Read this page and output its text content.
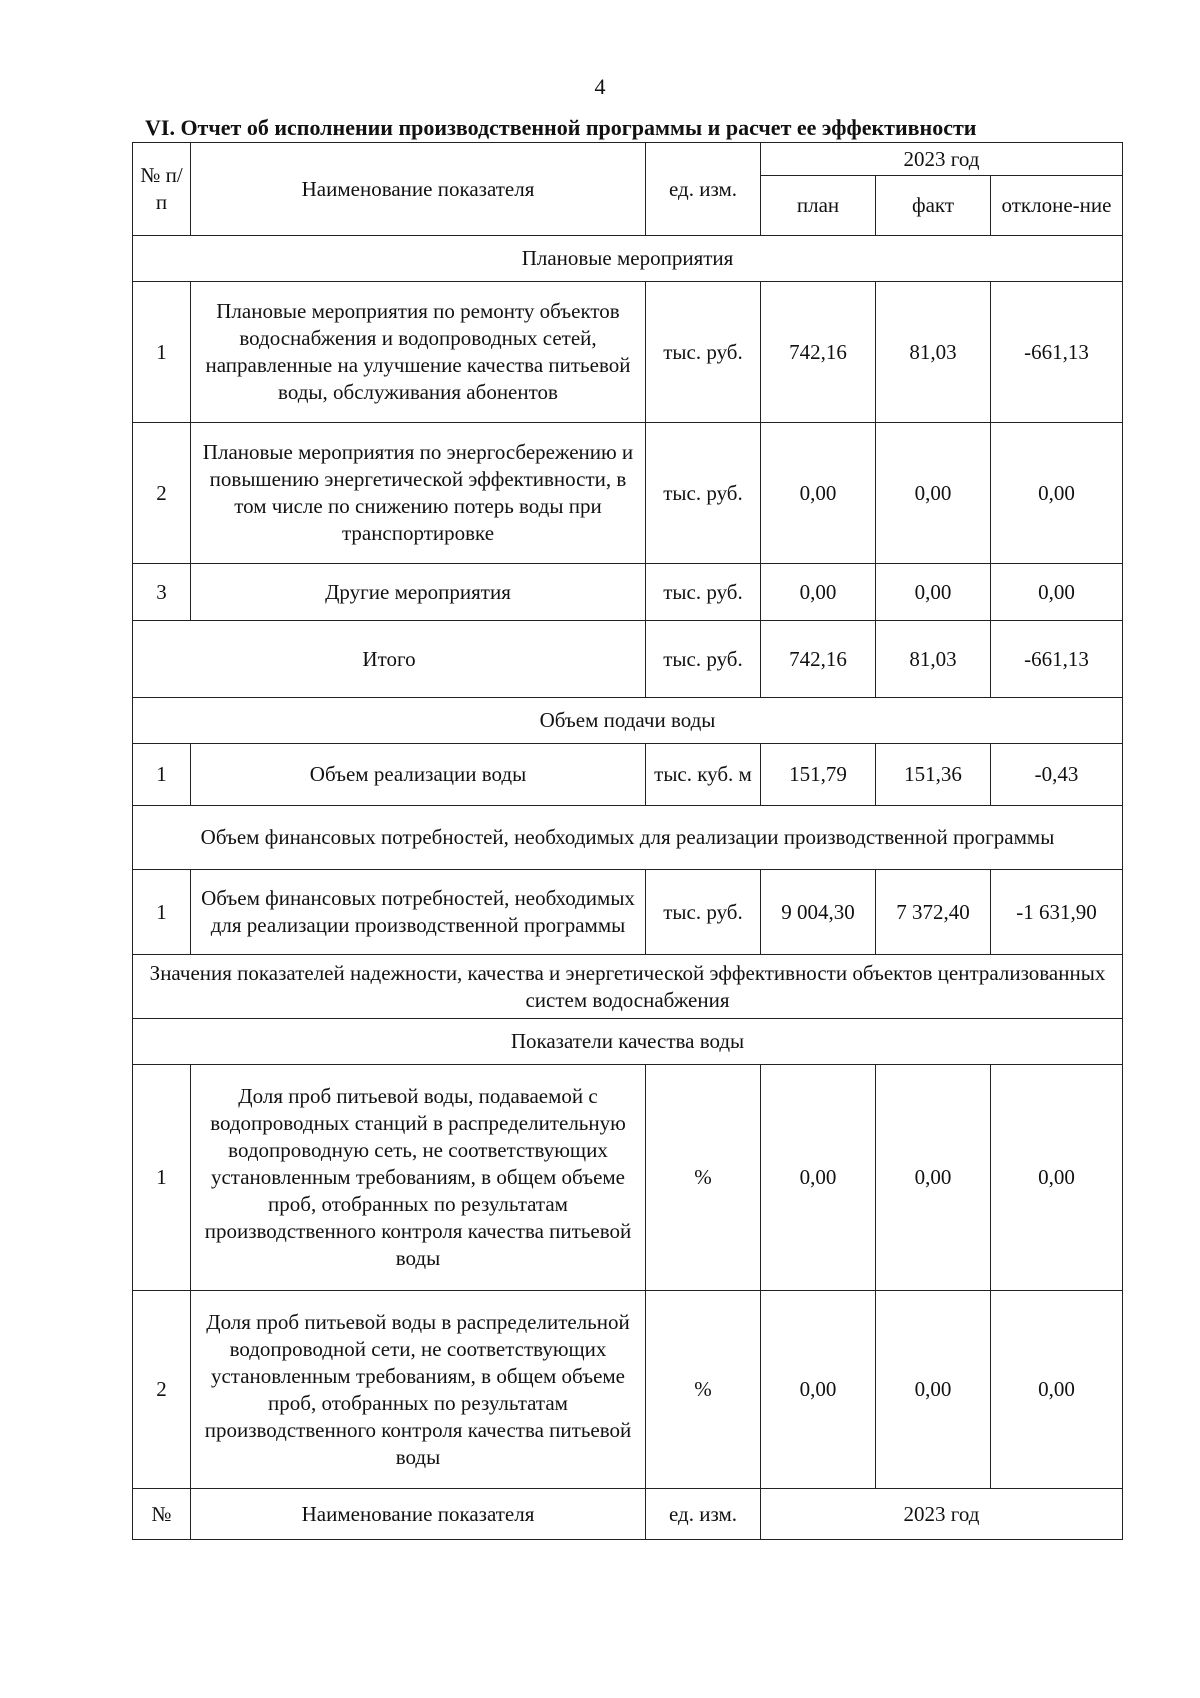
4
VI. Отчет об исполнении производственной программы и расчет ее эффективности
№ п/п	Наименование показателя	ед. изм.	2023 год		
			план	факт	отклоне-ние
Плановые мероприятия					
1	Плановые мероприятия по ремонту объектов водоснабжения и водопроводных сетей, направленные на улучшение качества питьевой воды, обслуживания абонентов	тыс. руб.	742,16	81,03	-661,13
2	Плановые мероприятия по энергосбережению и повышению энергетической эффективности, в том числе по снижению потерь воды при транспортировке	тыс. руб.	0,00	0,00	0,00
3	Другие мероприятия	тыс. руб.	0,00	0,00	0,00
Итого		тыс. руб.	742,16	81,03	-661,13
Объем подачи воды					
1	Объем реализации воды	тыс. куб. м	151,79	151,36	-0,43
Объем финансовых потребностей, необходимых для реализации производственной программы					
1	Объем финансовых потребностей, необходимых для реализации производственной программы	тыс. руб.	9 004,30	7 372,40	-1 631,90
Значения показателей надежности, качества и энергетической эффективности объектов централизованных систем водоснабжения					
Показатели качества воды					
1	Доля проб питьевой воды, подаваемой с водопроводных станций в распределительную водопроводную сеть, не соответствующих установленным требованиям, в общем объеме проб, отобранных по результатам производственного контроля качества питьевой воды	%	0,00	0,00	0,00
2	Доля проб питьевой воды в распределительной водопроводной сети, не соответствующих установленным требованиям, в общем объеме проб, отобранных по результатам производственного контроля качества питьевой воды	%	0,00	0,00	0,00
№	Наименование показателя	ед. изм.	2023 год		
